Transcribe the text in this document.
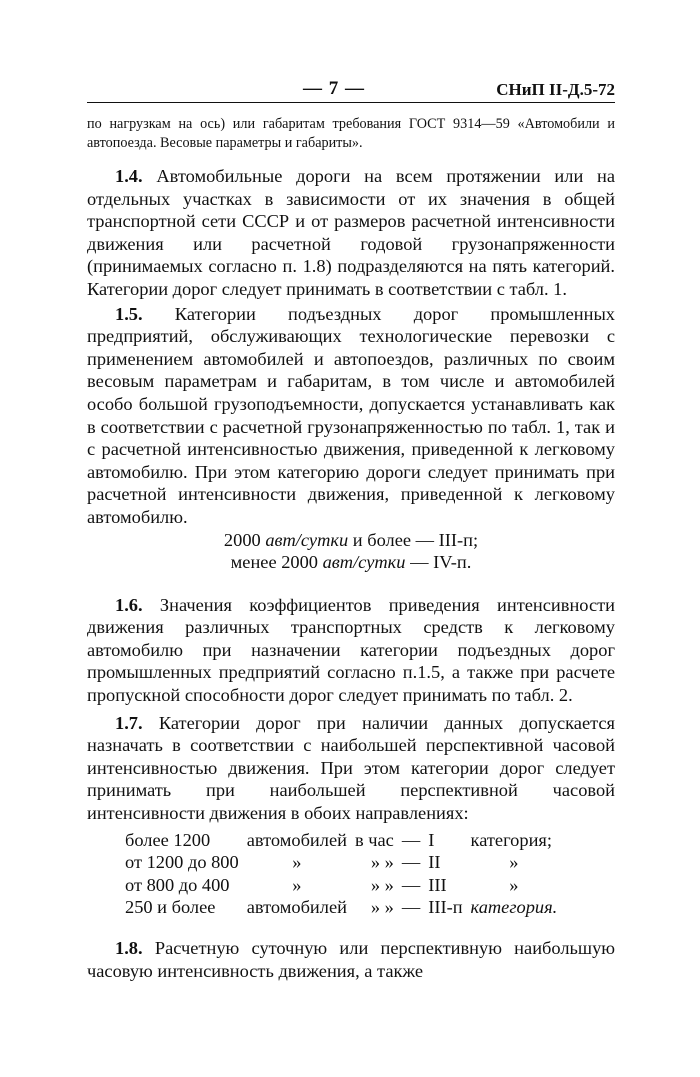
— 7 —	СНиП II-Д.5-72
по нагрузкам на ось) или габаритам требования ГОСТ 9314—59 «Автомобили и автопоезда. Весовые параметры и габариты».

1.4. Автомобильные дороги на всем протяжении или на отдельных участках в зависимости от их значения в общей транспортной сети СССР и от размеров расчетной интенсивности движения или расчетной годовой грузонапряженности (принимаемых согласно п. 1.8) подразделяются на пять категорий. Категории дорог следует принимать в соответствии с табл. 1.

1.5. Категории подъездных дорог промышленных предприятий, обслуживающих технологические перевозки с применением автомобилей и автопоездов, различных по своим весовым параметрам и габаритам, в том числе и автомобилей особо большой грузоподъемности, допускается устанавливать как в соответствии с расчетной грузонапряженностью по табл. 1, так и с расчетной интенсивностью движения, приведенной к легковому автомобилю. При этом категорию дороги следует принимать при расчетной интенсивности движения, приведенной к легковому автомобилю.

2000 авт/сутки и более — III-п;
менее 2000 авт/сутки — IV-п.

1.6. Значения коэффициентов приведения интенсивности движения различных транспортных средств к легковому автомобилю при назначении категории подъездных дорог промышленных предприятий согласно п.1.5, а также при расчете пропускной способности дорог следует принимать по табл. 2.

1.7. Категории дорог при наличии данных допускается назначать в соответствии с наибольшей перспективной часовой интенсивностью движения. При этом категории дорог следует принимать при наибольшей перспективной часовой интенсивности движения в обоих направлениях:

более 1200	автомобилей	в час	—	I	категория;
от 1200 до 800	»	» »	—	II	»
от 800 до 400	»	» »	—	III	»
250 и более	автомобилей	» »	—	III-п	категория.

1.8. Расчетную суточную или перспективную наибольшую часовую интенсивность движения, а также
